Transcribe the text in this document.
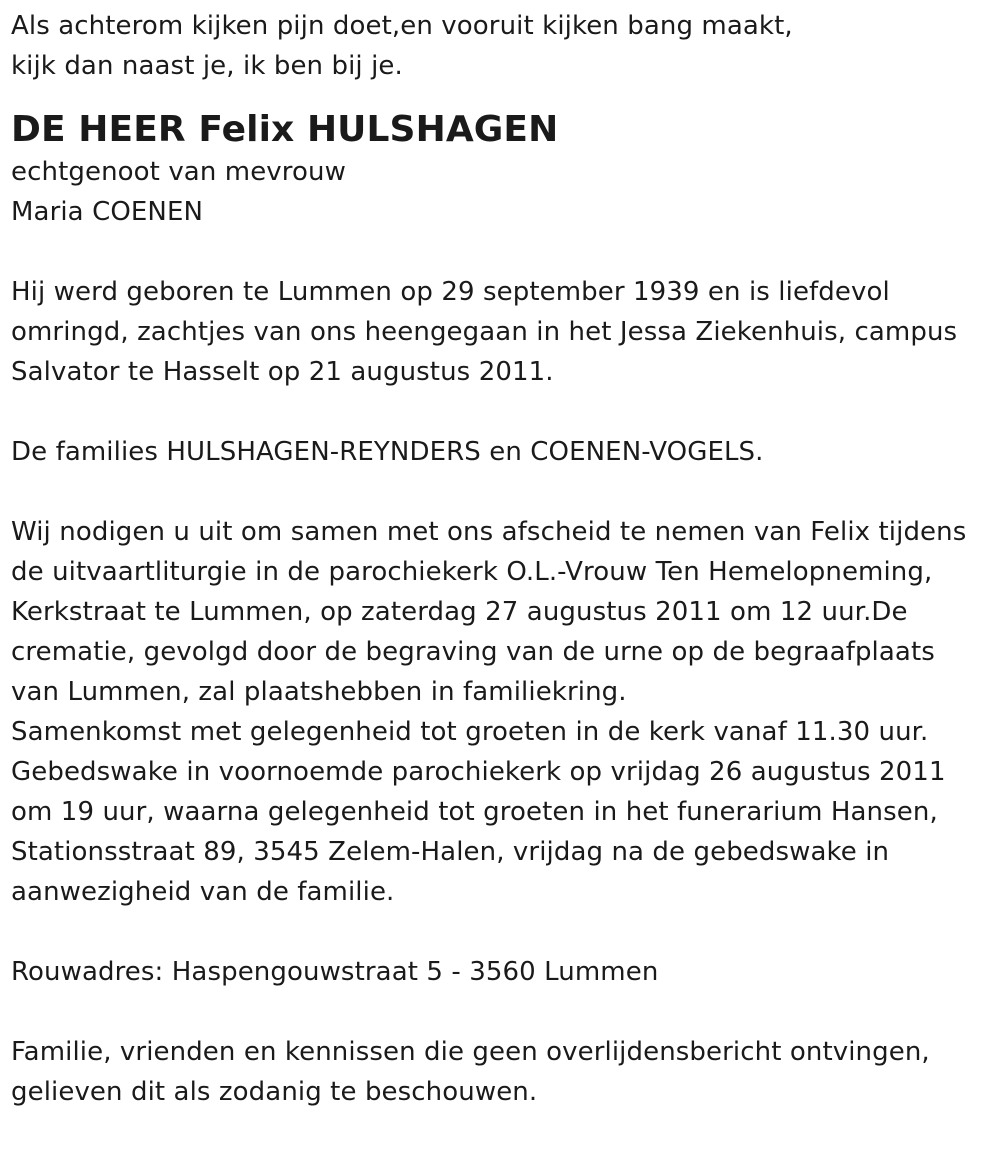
Als achterom kijken pijn doet,en vooruit kijken bang maakt,
kijk dan naast je, ik ben bij je.
DE HEER Felix HULSHAGEN
echtgenoot van mevrouw
Maria COENEN
Hij werd geboren te Lummen op 29 september 1939 en is liefdevol
omringd, zachtjes van ons heengegaan in het Jessa Ziekenhuis, campus
Salvator te Hasselt op 21 augustus 2011.
De families HULSHAGEN-REYNDERS en COENEN-VOGELS.
Wij nodigen u uit om samen met ons afscheid te nemen van Felix tijdens
de uitvaartliturgie in de parochiekerk O.L.-Vrouw Ten Hemelopneming,
Kerkstraat te Lummen, op zaterdag 27 augustus 2011 om 12 uur.De
crematie, gevolgd door de begraving van de urne op de begraafplaats
van Lummen, zal plaatshebben in familiekring.
Samenkomst met gelegenheid tot groeten in de kerk vanaf 11.30 uur.
Gebedswake in voornoemde parochiekerk op vrijdag 26 augustus 2011
om 19 uur, waarna gelegenheid tot groeten in het funerarium Hansen,
Stationsstraat 89, 3545 Zelem-Halen, vrijdag na de gebedswake in
aanwezigheid van de familie.
Rouwadres: Haspengouwstraat 5 - 3560 Lummen
Familie, vrienden en kennissen die geen overlijdensbericht ontvingen,
gelieven dit als zodanig te beschouwen.
